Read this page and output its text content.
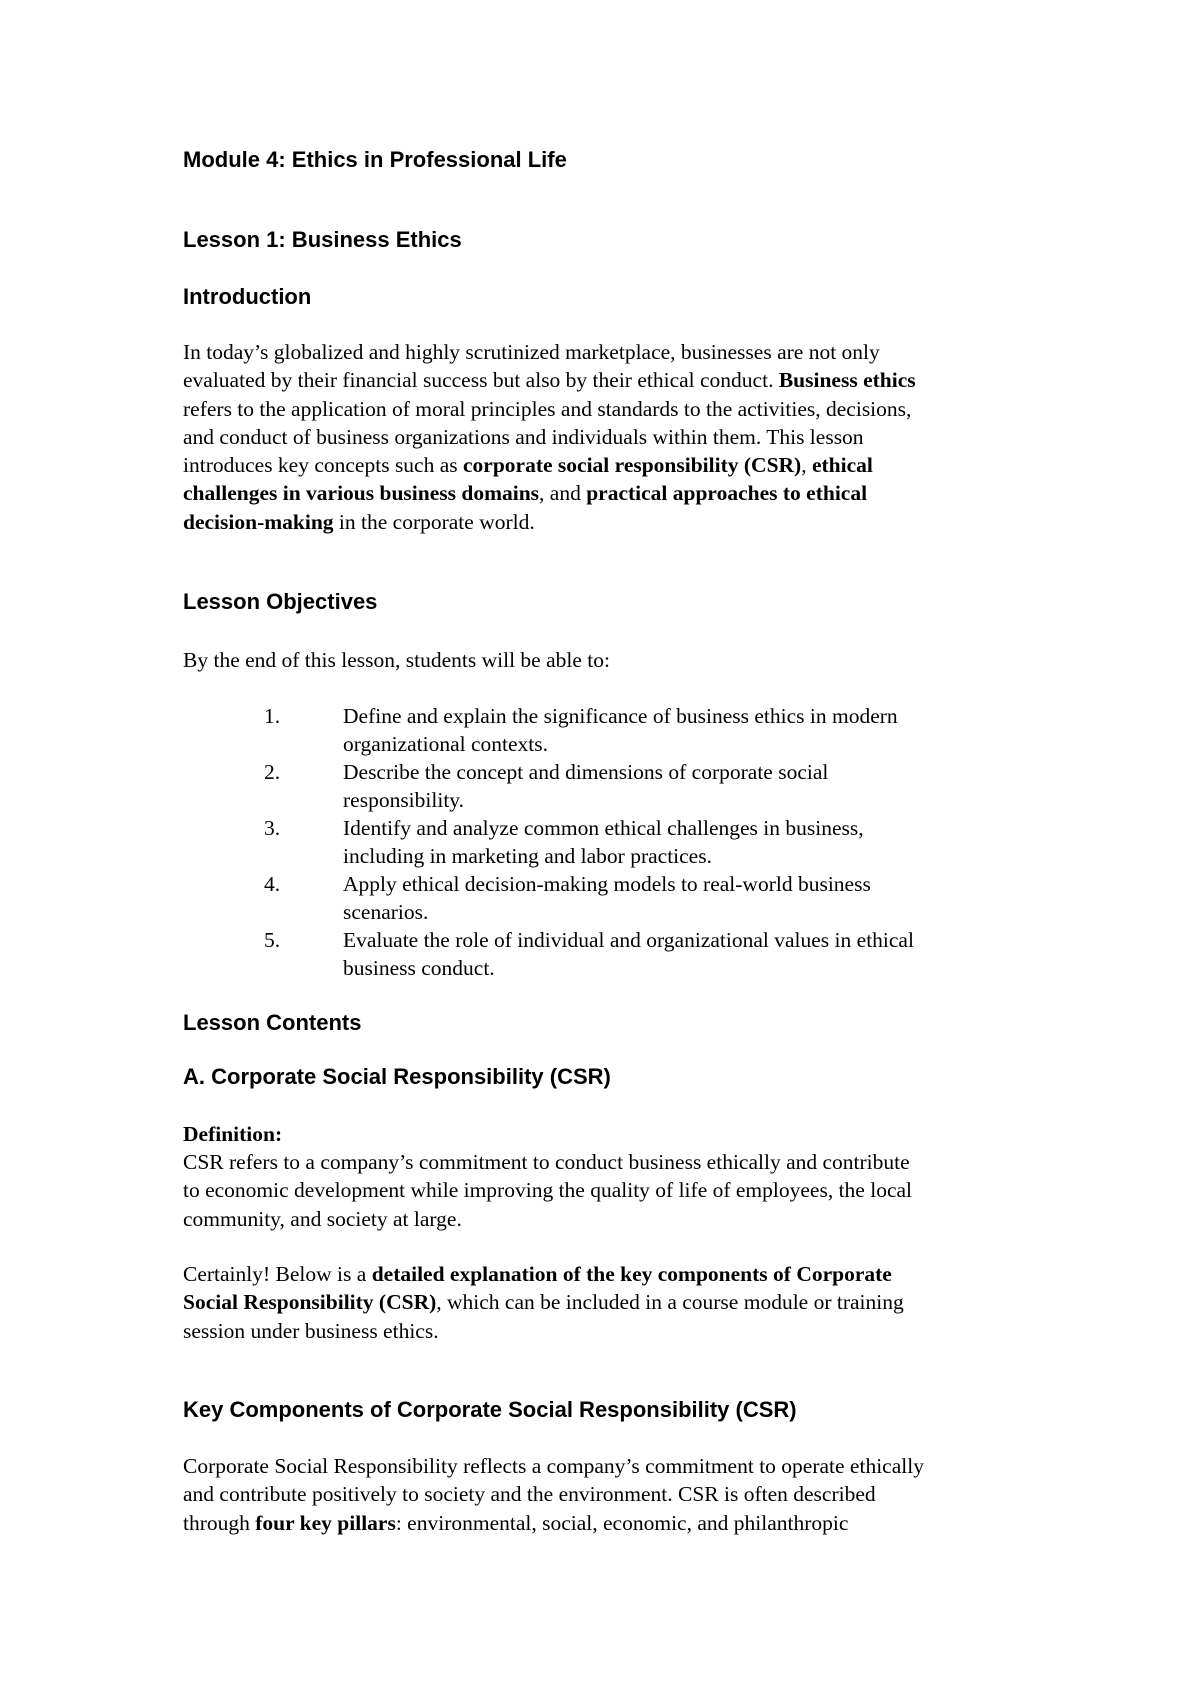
Module 4: Ethics in Professional Life
Lesson 1: Business Ethics
Introduction
In today’s globalized and highly scrutinized marketplace, businesses are not only
evaluated by their financial success but also by their ethical conduct. Business ethics
refers to the application of moral principles and standards to the activities, decisions,
and conduct of business organizations and individuals within them. This lesson
introduces key concepts such as corporate social responsibility (CSR), ethical
challenges in various business domains, and practical approaches to ethical
decision-making in the corporate world.
Lesson Objectives

By the end of this lesson, students will be able to:

1.	Define and explain the significance of business ethics in modern
organizational contexts.
2.	Describe the concept and dimensions of corporate social
responsibility.
3.	Identify and analyze common ethical challenges in business,
including in marketing and labor practices.
4.	Apply ethical decision-making models to real-world business
scenarios.
5.	Evaluate the role of individual and organizational values in ethical
business conduct.
Lesson Contents
A. Corporate Social Responsibility (CSR)

Definition:

CSR refers to a company’s commitment to conduct business ethically and contribute
to economic development while improving the quality of life of employees, the local
community, and society at large.
Certainly! Below is a detailed explanation of the key components of Corporate
Social Responsibility (CSR), which can be included in a course module or training
session under business ethics.
Key Components of Corporate Social Responsibility (CSR)
Corporate Social Responsibility reflects a company’s commitment to operate ethically
and contribute positively to society and the environment. CSR is often described
through four key pillars: environmental, social, economic, and philanthropic
